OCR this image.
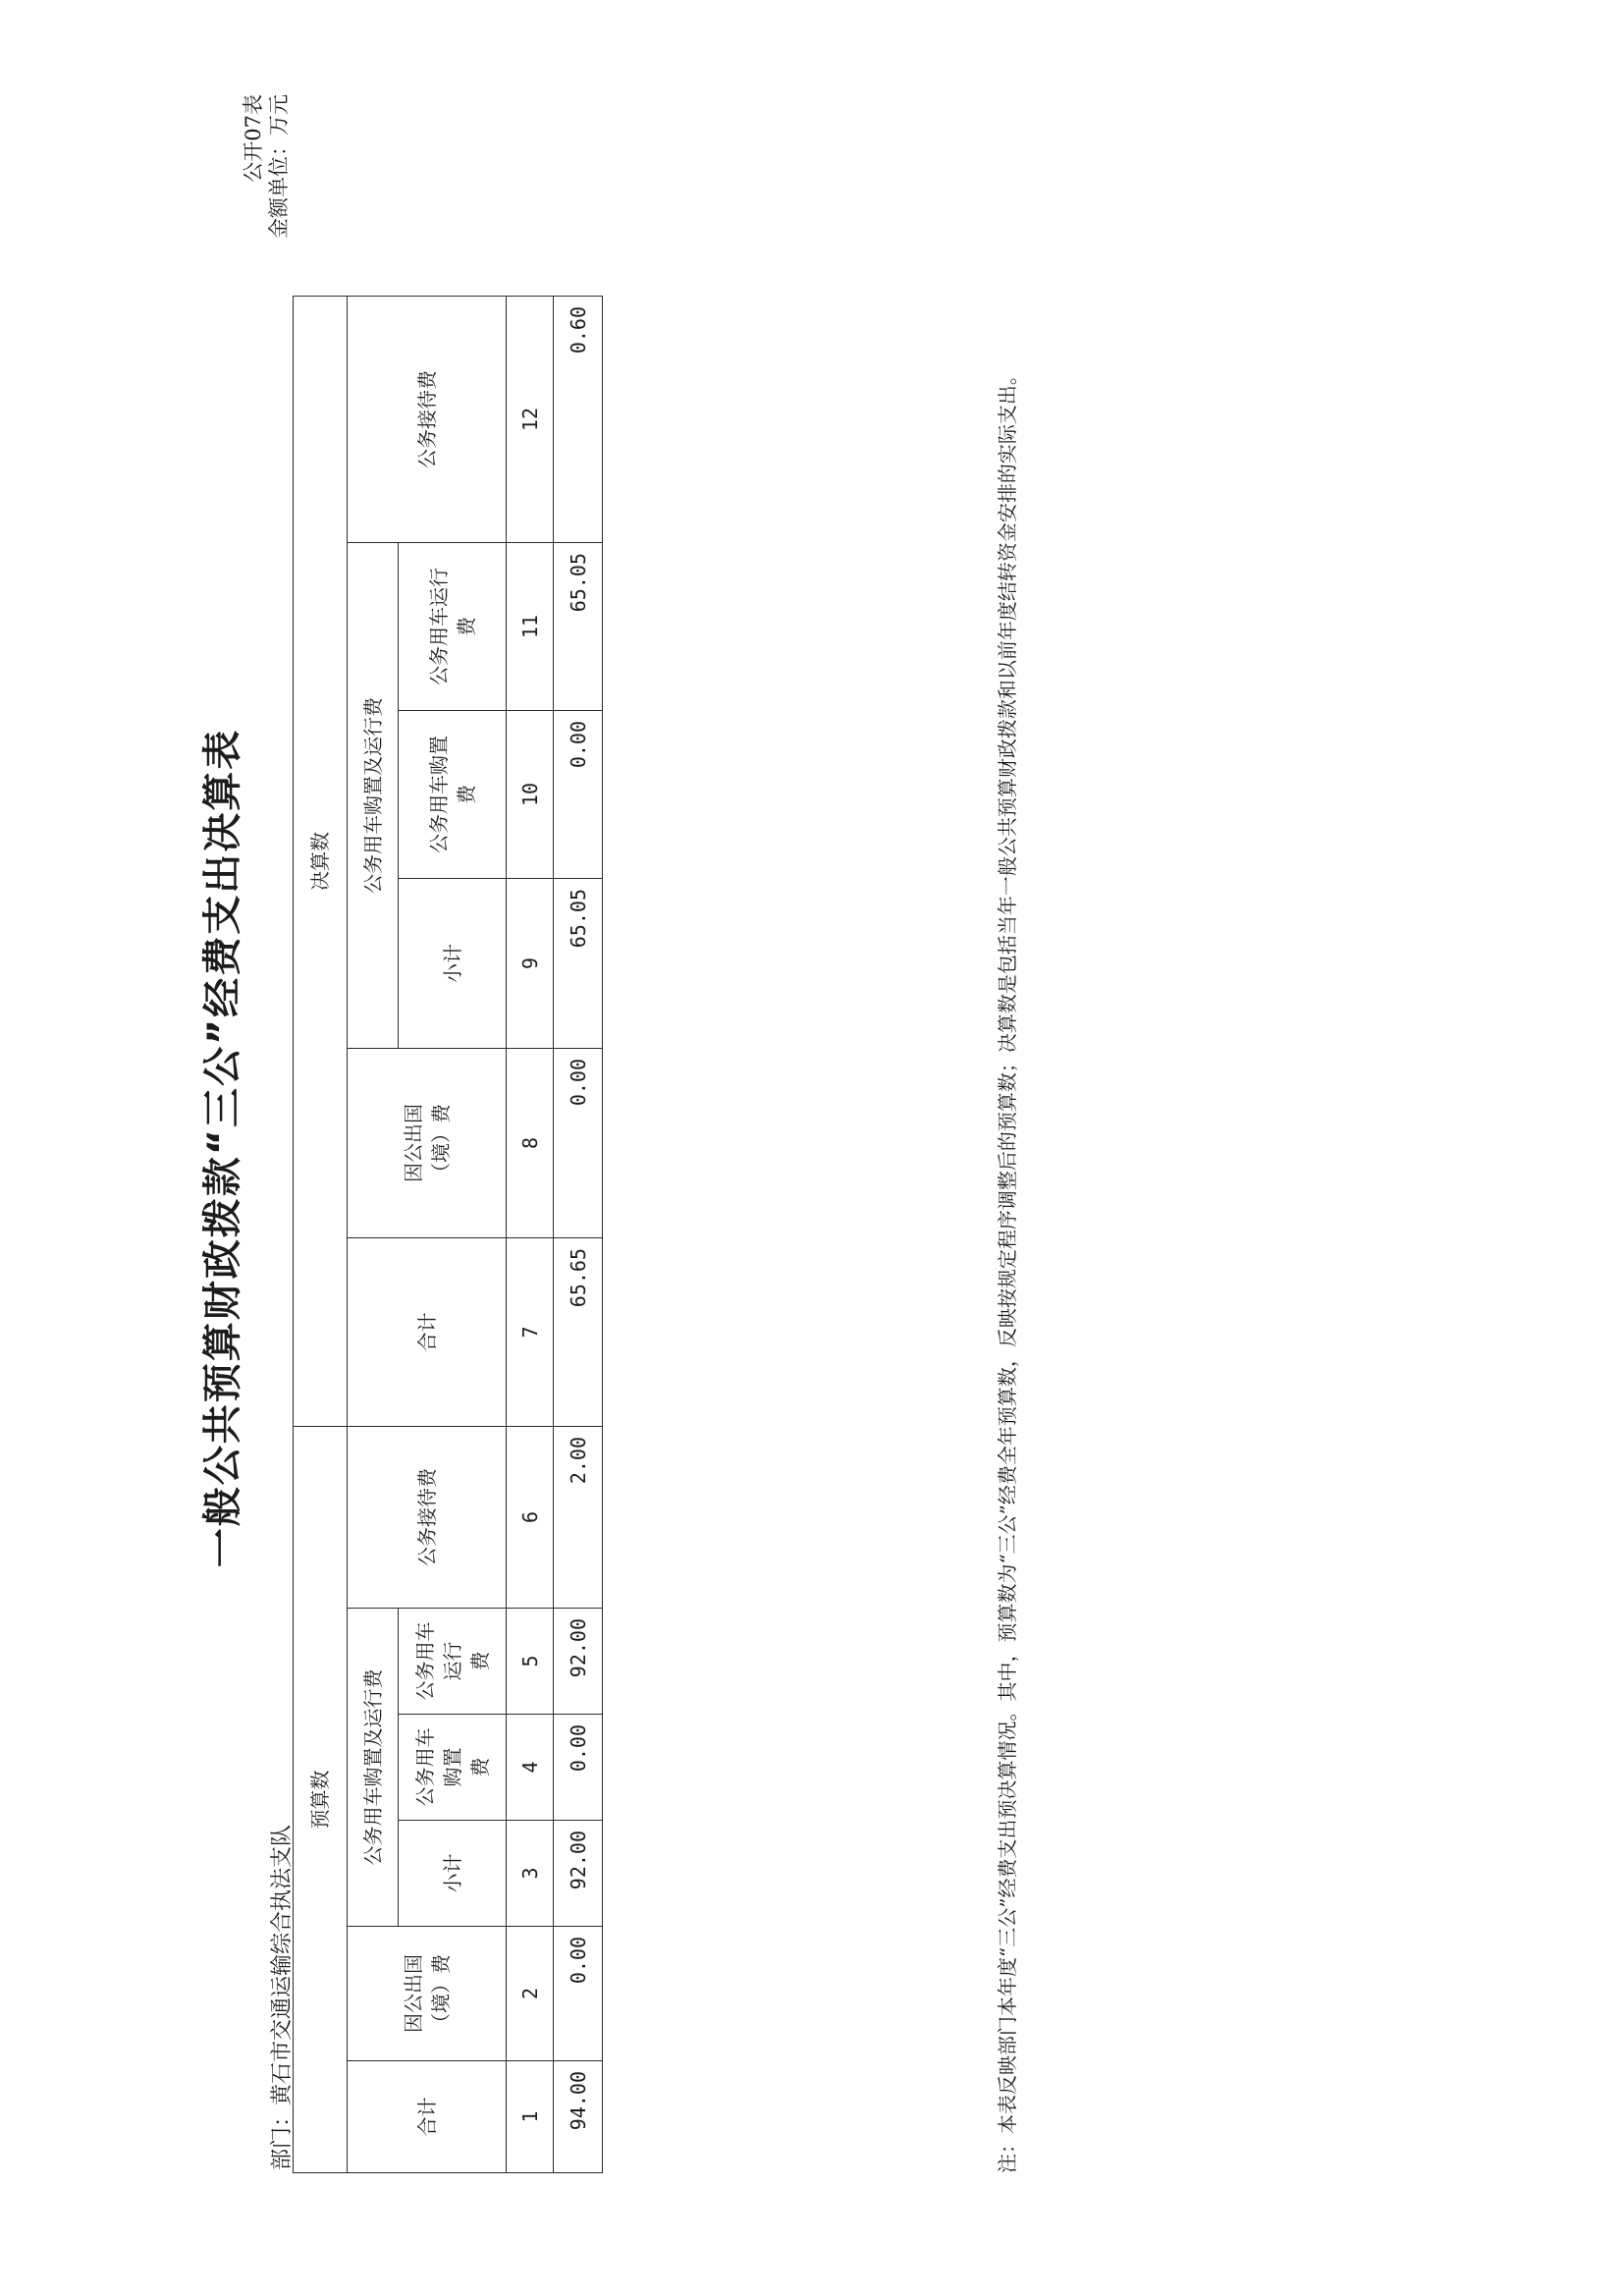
一般公共预算财政拨款“三公”经费支出决算表
公开07表 金额单位：万元
部门：黄石市交通运输综合执法支队
预算数						决算数					
合计	因公出国 （境）费	公务用车购置及运行费			公务接待费	合计	因公出国 （境）费	公务用车购置及运行费			公务接待费
		小计	公务用车购置 费	公务用车运行 费				小计	公务用车购置 费	公务用车运行 费	
1	2	3	4	5	6	7	8	9	10	11	12
94.00	0.00	92.00	0.00	92.00	2.00	65.65	0.00	65.05	0.00	65.05	0.60
注：本表反映部门本年度“三公”经费支出预决算情况。其中，预算数为“三公”经费全年预算数，反映按规定程序调整后的预算数；决算数是包括当年一般公共预算财政拨款和以前年度结转资金安排的实际支出。
